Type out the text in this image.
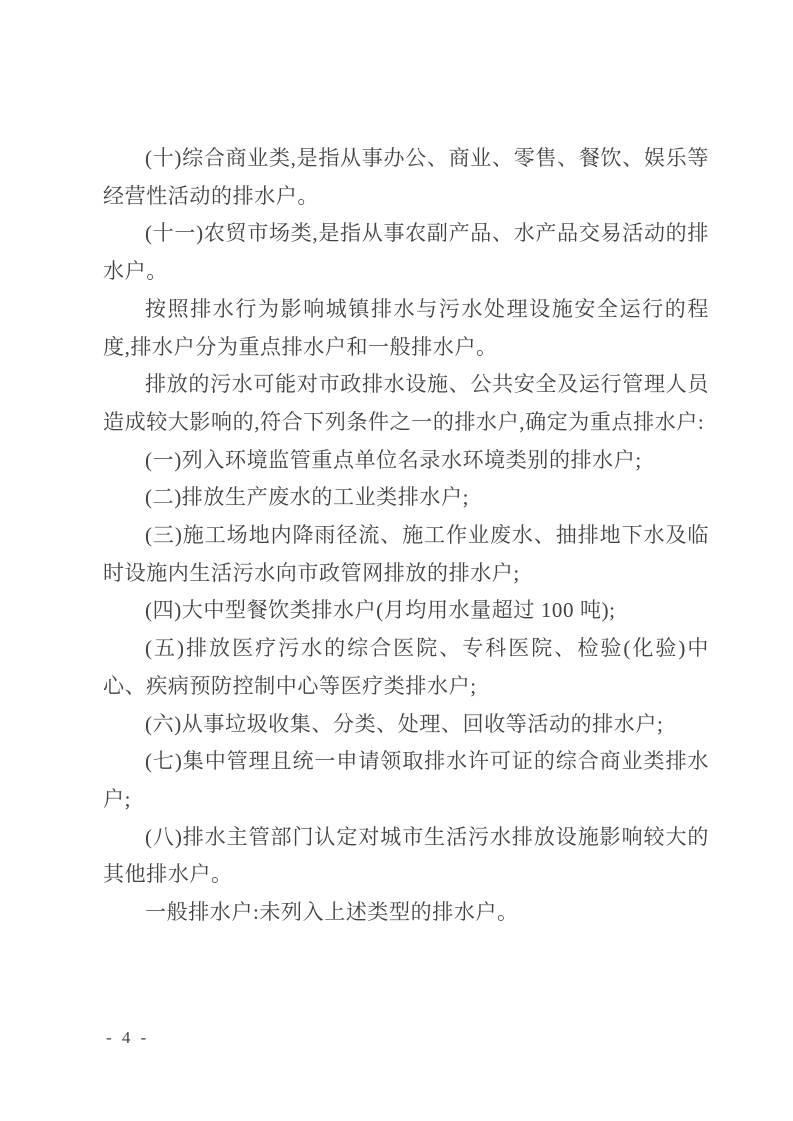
(十)综合商业类,是指从事办公、商业、零售、餐饮、娱乐等经营性活动的排水户。

(十一)农贸市场类,是指从事农副产品、水产品交易活动的排水户。

按照排水行为影响城镇排水与污水处理设施安全运行的程度,排水户分为重点排水户和一般排水户。

排放的污水可能对市政排水设施、公共安全及运行管理人员造成较大影响的,符合下列条件之一的排水户,确定为重点排水户:

(一)列入环境监管重点单位名录水环境类别的排水户;

(二)排放生产废水的工业类排水户;

(三)施工场地内降雨径流、施工作业废水、抽排地下水及临时设施内生活污水向市政管网排放的排水户;

(四)大中型餐饮类排水户(月均用水量超过 100 吨);

(五)排放医疗污水的综合医院、专科医院、检验(化验)中心、疾病预防控制中心等医疗类排水户;

(六)从事垃圾收集、分类、处理、回收等活动的排水户;

(七)集中管理且统一申请领取排水许可证的综合商业类排水户;

(八)排水主管部门认定对城市生活污水排放设施影响较大的其他排水户。

一般排水户:未列入上述类型的排水户。

- 4 -
